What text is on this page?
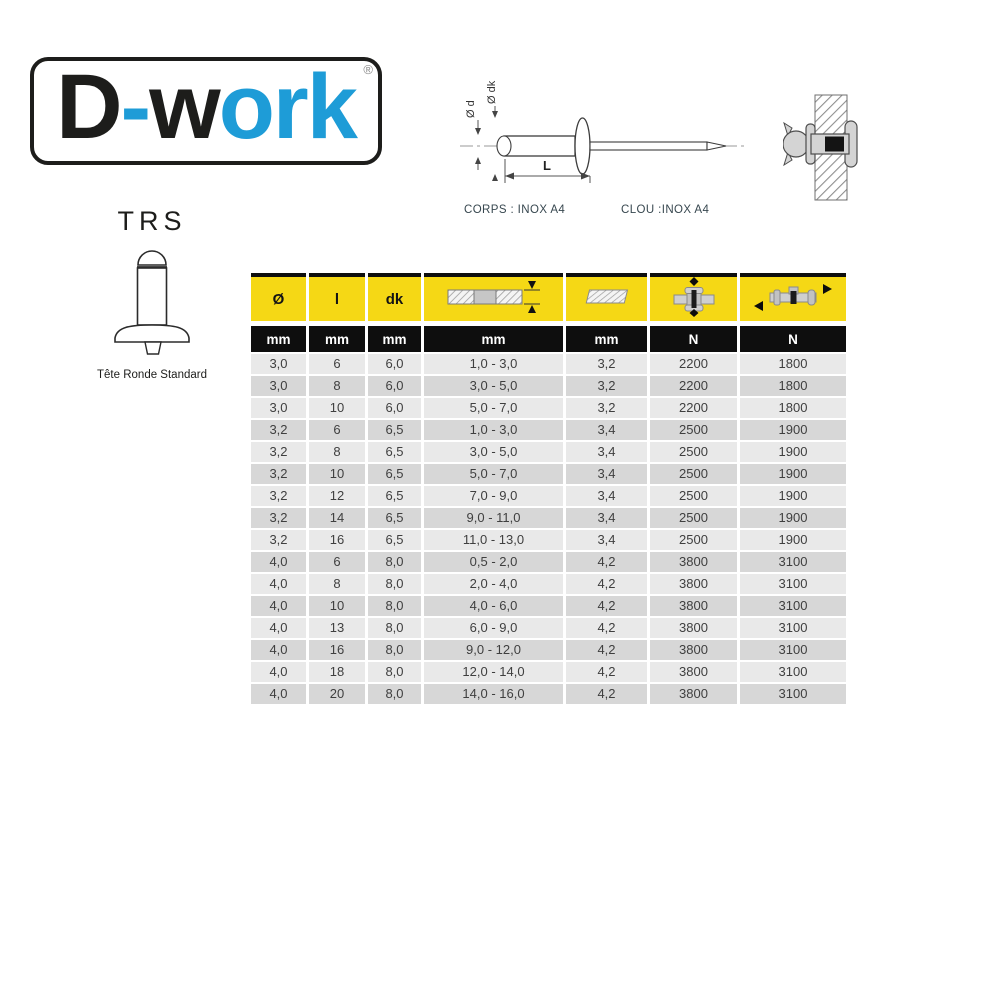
D-work ®
TRS
Tête Ronde Standard
Ø d
Ø dk
L
CORPS : INOX A4	CLOU :INOX A4
Ø	l	dk				
mm	mm	mm	mm	mm	N	N
3,0	6	6,0	1,0 - 3,0	3,2	2200	1800
3,0	8	6,0	3,0 - 5,0	3,2	2200	1800
3,0	10	6,0	5,0 - 7,0	3,2	2200	1800
3,2	6	6,5	1,0 - 3,0	3,4	2500	1900
3,2	8	6,5	3,0 - 5,0	3,4	2500	1900
3,2	10	6,5	5,0 - 7,0	3,4	2500	1900
3,2	12	6,5	7,0 - 9,0	3,4	2500	1900
3,2	14	6,5	9,0 - 11,0	3,4	2500	1900
3,2	16	6,5	11,0 - 13,0	3,4	2500	1900
4,0	6	8,0	0,5 - 2,0	4,2	3800	3100
4,0	8	8,0	2,0 - 4,0	4,2	3800	3100
4,0	10	8,0	4,0 - 6,0	4,2	3800	3100
4,0	13	8,0	6,0 - 9,0	4,2	3800	3100
4,0	16	8,0	9,0 - 12,0	4,2	3800	3100
4,0	18	8,0	12,0 - 14,0	4,2	3800	3100
4,0	20	8,0	14,0 - 16,0	4,2	3800	3100
